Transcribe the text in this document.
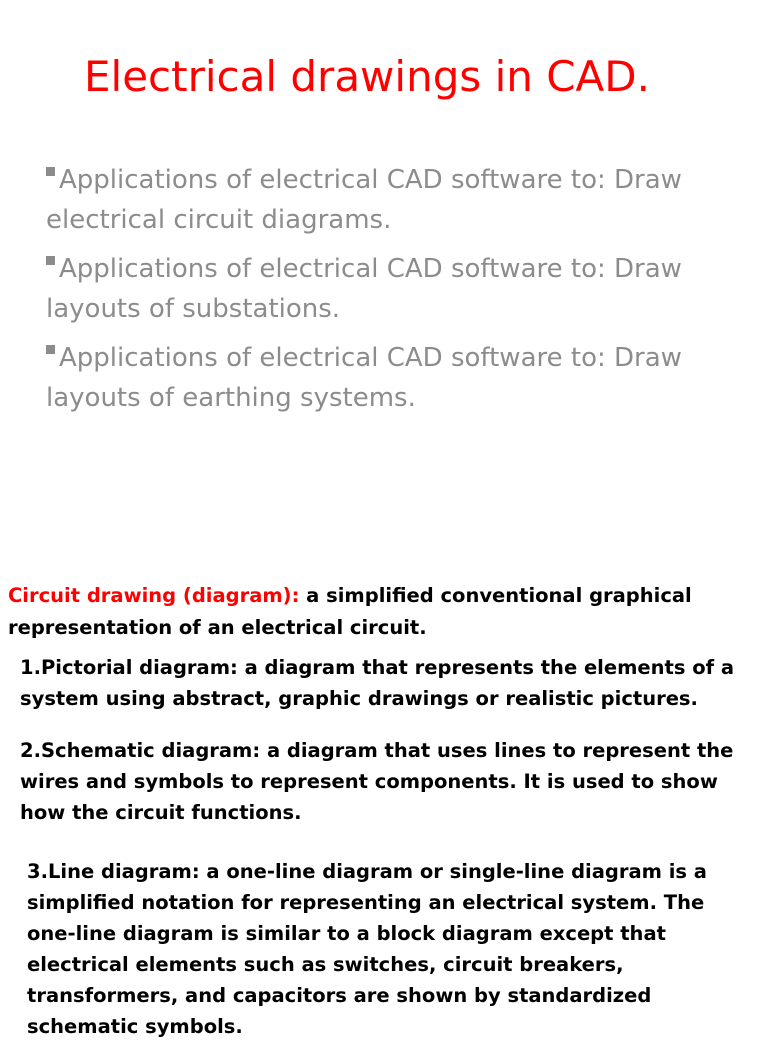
Electrical drawings in CAD.
Applications of electrical CAD software to: Draw electrical circuit diagrams.
Applications of electrical CAD software to: Draw layouts of substations.
Applications of electrical CAD software to: Draw layouts of earthing systems.

Circuit drawing (diagram): a simplified conventional graphical representation of an electrical circuit.

1.Pictorial diagram: a diagram that represents the elements of a system using abstract, graphic drawings or realistic pictures.

2.Schematic diagram: a diagram that uses lines to represent the wires and symbols to represent components. It is used to show how the circuit functions.

3.Line diagram: a one-line diagram or single-line diagram is a simplified notation for representing an electrical system. The one-line diagram is similar to a block diagram except that electrical elements such as switches, circuit breakers, transformers, and capacitors are shown by standardized schematic symbols.
